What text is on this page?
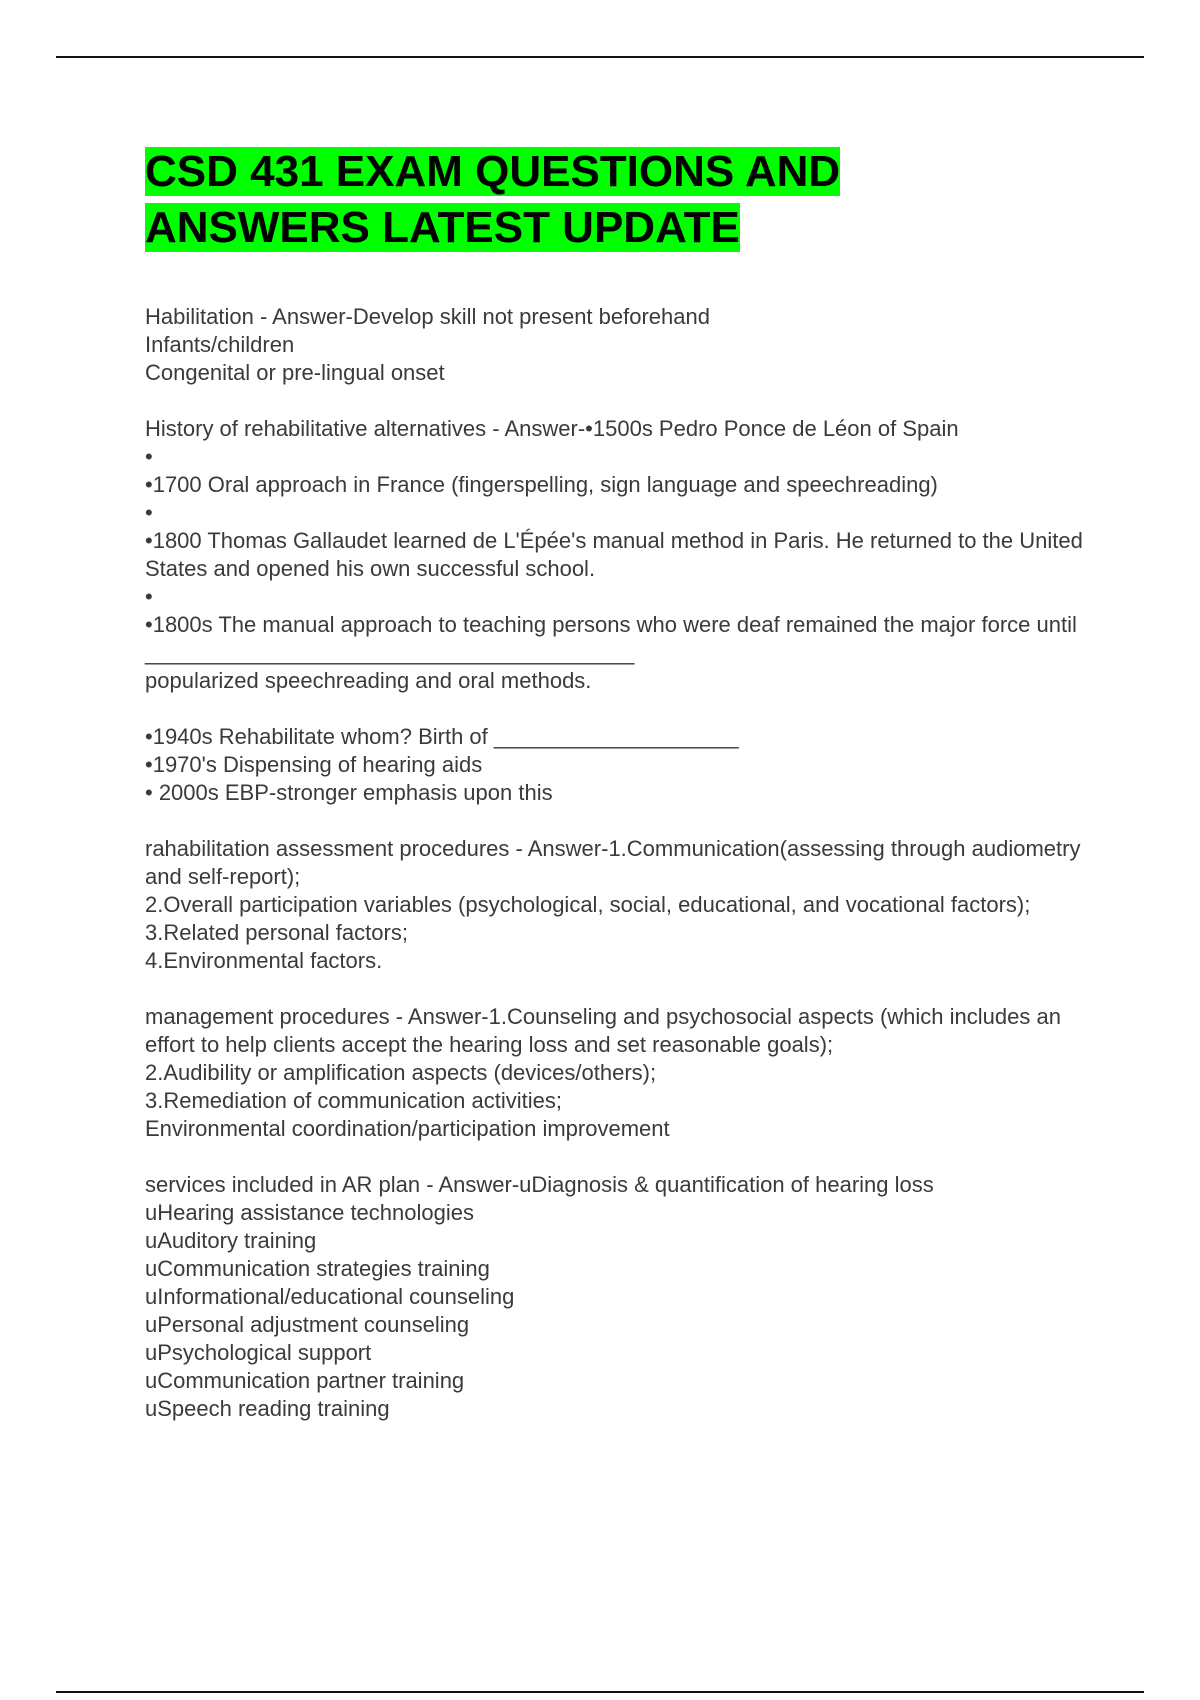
CSD 431 EXAM QUESTIONS AND ANSWERS LATEST UPDATE
Habilitation - Answer-Develop skill not present beforehand
Infants/children
Congenital or pre-lingual onset
History of rehabilitative alternatives - Answer-•1500s Pedro Ponce de Léon of Spain
•
•1700 Oral approach in France (fingerspelling, sign language and speechreading)
•
•1800 Thomas Gallaudet learned de L'Épée's manual method in Paris. He returned to the United States and opened his own successful school.
•
•1800s The manual approach to teaching persons who were deaf remained the major force until ________________________________________
popularized speechreading and oral methods.
•1940s Rehabilitate whom? Birth of ____________________
•1970's Dispensing of hearing aids
• 2000s EBP-stronger emphasis upon this
rahabilitation assessment procedures - Answer-1.Communication(assessing through audiometry and self-report);
2.Overall participation variables (psychological, social, educational, and vocational factors);
3.Related personal factors;
4.Environmental factors.
management procedures - Answer-1.Counseling and psychosocial aspects (which includes an effort to help clients accept the hearing loss and set reasonable goals);
2.Audibility or amplification aspects (devices/others);
3.Remediation of communication activities;
Environmental coordination/participation improvement
services included in AR plan - Answer-uDiagnosis & quantification of hearing loss
uHearing assistance technologies
uAuditory training
uCommunication strategies training
uInformational/educational counseling
uPersonal adjustment counseling
uPsychological support
uCommunication partner training
uSpeech reading training
